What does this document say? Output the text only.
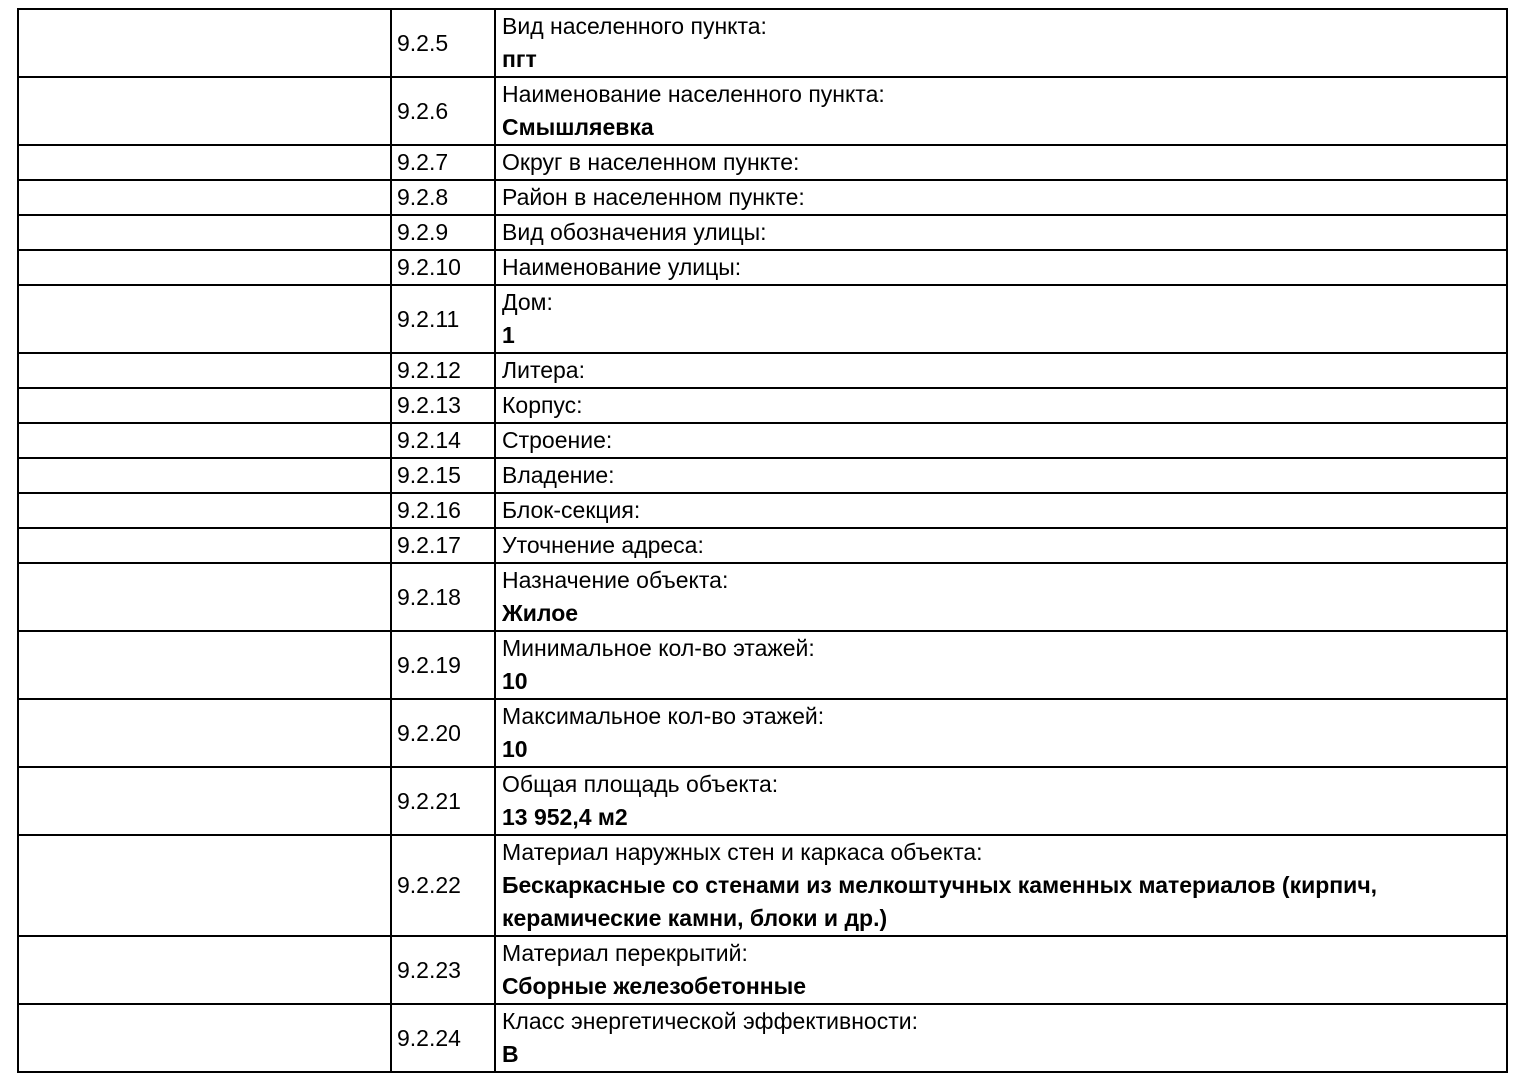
	9.2.5	Вид населенного пункта:
пгт

	9.2.6	Наименование населенного пункта:
Смышляевка

	9.2.7	Округ в населенном пункте:

	9.2.8	Район в населенном пункте:

	9.2.9	Вид обозначения улицы:

	9.2.10	Наименование улицы:

	9.2.11	Дом:
1

	9.2.12	Литера:

	9.2.13	Корпус:

	9.2.14	Строение:

	9.2.15	Владение:

	9.2.16	Блок-секция:

	9.2.17	Уточнение адреса:

	9.2.18	Назначение объекта:
Жилое

	9.2.19	Минимальное кол-во этажей:
10

	9.2.20	Максимальное кол-во этажей:
10

	9.2.21	Общая площадь объекта:
13 952,4 м2

	9.2.22	Материал наружных стен и каркаса объекта:
Бескаркасные со стенами из мелкоштучных каменных материалов (кирпич, керамические камни, блоки и др.)

	9.2.23	Материал перекрытий:
Сборные железобетонные

	9.2.24	Класс энергетической эффективности:
В
